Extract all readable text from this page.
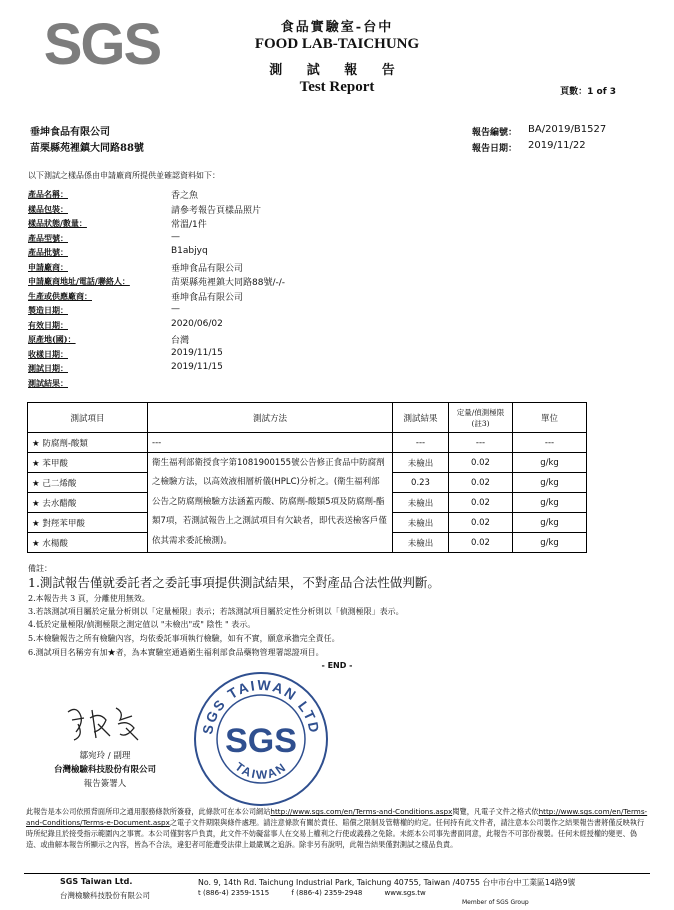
SGS	食品實驗室-台中
FOOD LAB-TAICHUNG
測 試 報 告
Test Report	頁數：1 of 3
垂坤食品有限公司
苗栗縣苑裡鎮大同路88號
報告編號： BA/2019/B1527
報告日期： 2019/11/22
以下測試之樣品係由申請廠商所提供並確認資料如下：
產品名稱：	香之魚
樣品包裝：	請參考報告頁樣品照片
樣品狀態/數量：	常溫/1件
產品型號：	—
產品批號：	B1abjyq
申請廠商：	垂坤食品有限公司
申請廠商地址/電話/聯絡人：	苗栗縣苑裡鎮大同路88號/-/-
生產或供應廠商：	垂坤食品有限公司
製造日期：	—
有效日期：	2020/06/02
原產地(國)：	台灣
收樣日期：	2019/11/15
測試日期：	2019/11/15
測試結果：
測試項目	測試方法	測試結果	定量/偵測極限(註3)	單位
★ 防腐劑-酸類	---	---	---	---
★ 苯甲酸	衛生福利部衛授食字第1081900155號公告修正食品中防腐劑之檢驗方法，以高效液相層析儀(HPLC)分析之。(衛生福利部公告之防腐劑檢驗方法涵蓋丙酸、防腐劑-酸類5項及防腐劑-酯類7項，若測試報告上之測試項目有欠缺者，即代表送檢客戶僅依其需求委託檢測)。	未檢出	0.02	g/kg
★ 己二烯酸		0.23	0.02	g/kg
★ 去水醋酸		未檢出	0.02	g/kg
★ 對羥苯甲酸		未檢出	0.02	g/kg
★ 水楊酸		未檢出	0.02	g/kg
備註：
1.測試報告僅就委託者之委託事項提供測試結果，不對產品合法性做判斷。
2.本報告共 3 頁，分離使用無效。
3.若該測試項目屬於定量分析則以「定量極限」表示；若該測試項目屬於定性分析則以「偵測極限」表示。
4.低於定量極限/偵測極限之測定值以 "未檢出"或" 陰性 " 表示。
5.本檢驗報告之所有檢驗內容，均依委託事項執行檢驗，如有不實，願意承擔完全責任。
6.測試項目名稱旁有加★者，為本實驗室通過衛生福利部食品藥物管理署認證項目。
- END -
鄒宛玲 / 副理
台灣檢驗科技股份有限公司
報告簽署人
SGS TAIWAN LTD
TAIWAN
SGS
此報告是本公司依照背面所印之通用服務條款所簽發，此條款可在本公司網站http://www.sgs.com/en/Terms-and-Conditions.aspx閱覽，凡電子文件之格式依http://www.sgs.com/en/Terms-and-Conditions/Terms-e-Document.aspx之電子文件期限與條件處理。請注意條款有關於責任、賠償之限制及管轄權的約定。任何持有此文件者，請注意本公司製作之結果報告書將僅反映執行時所紀錄且於接受指示範圍內之事實。本公司僅對客戶負責，此文件不妨礙當事人在交易上權利之行使或義務之免除。未經本公司事先書面同意，此報告不可部份複製。任何未經授權的變更、偽造、或曲解本報告所顯示之內容，皆為不合法，違犯者可能遭受法律上最嚴厲之追訴。除非另有說明，此報告結果僅對測試之樣品負責。
SGS Taiwan Ltd.
台灣檢驗科技股份有限公司
No. 9, 14th Rd. Taichung Industrial Park, Taichung 40755, Taiwan /40755 台中市台中工業區14路9號
t (886-4) 2359-1515          f (886-4) 2359-2948          www.sgs.tw
Member of SGS Group
